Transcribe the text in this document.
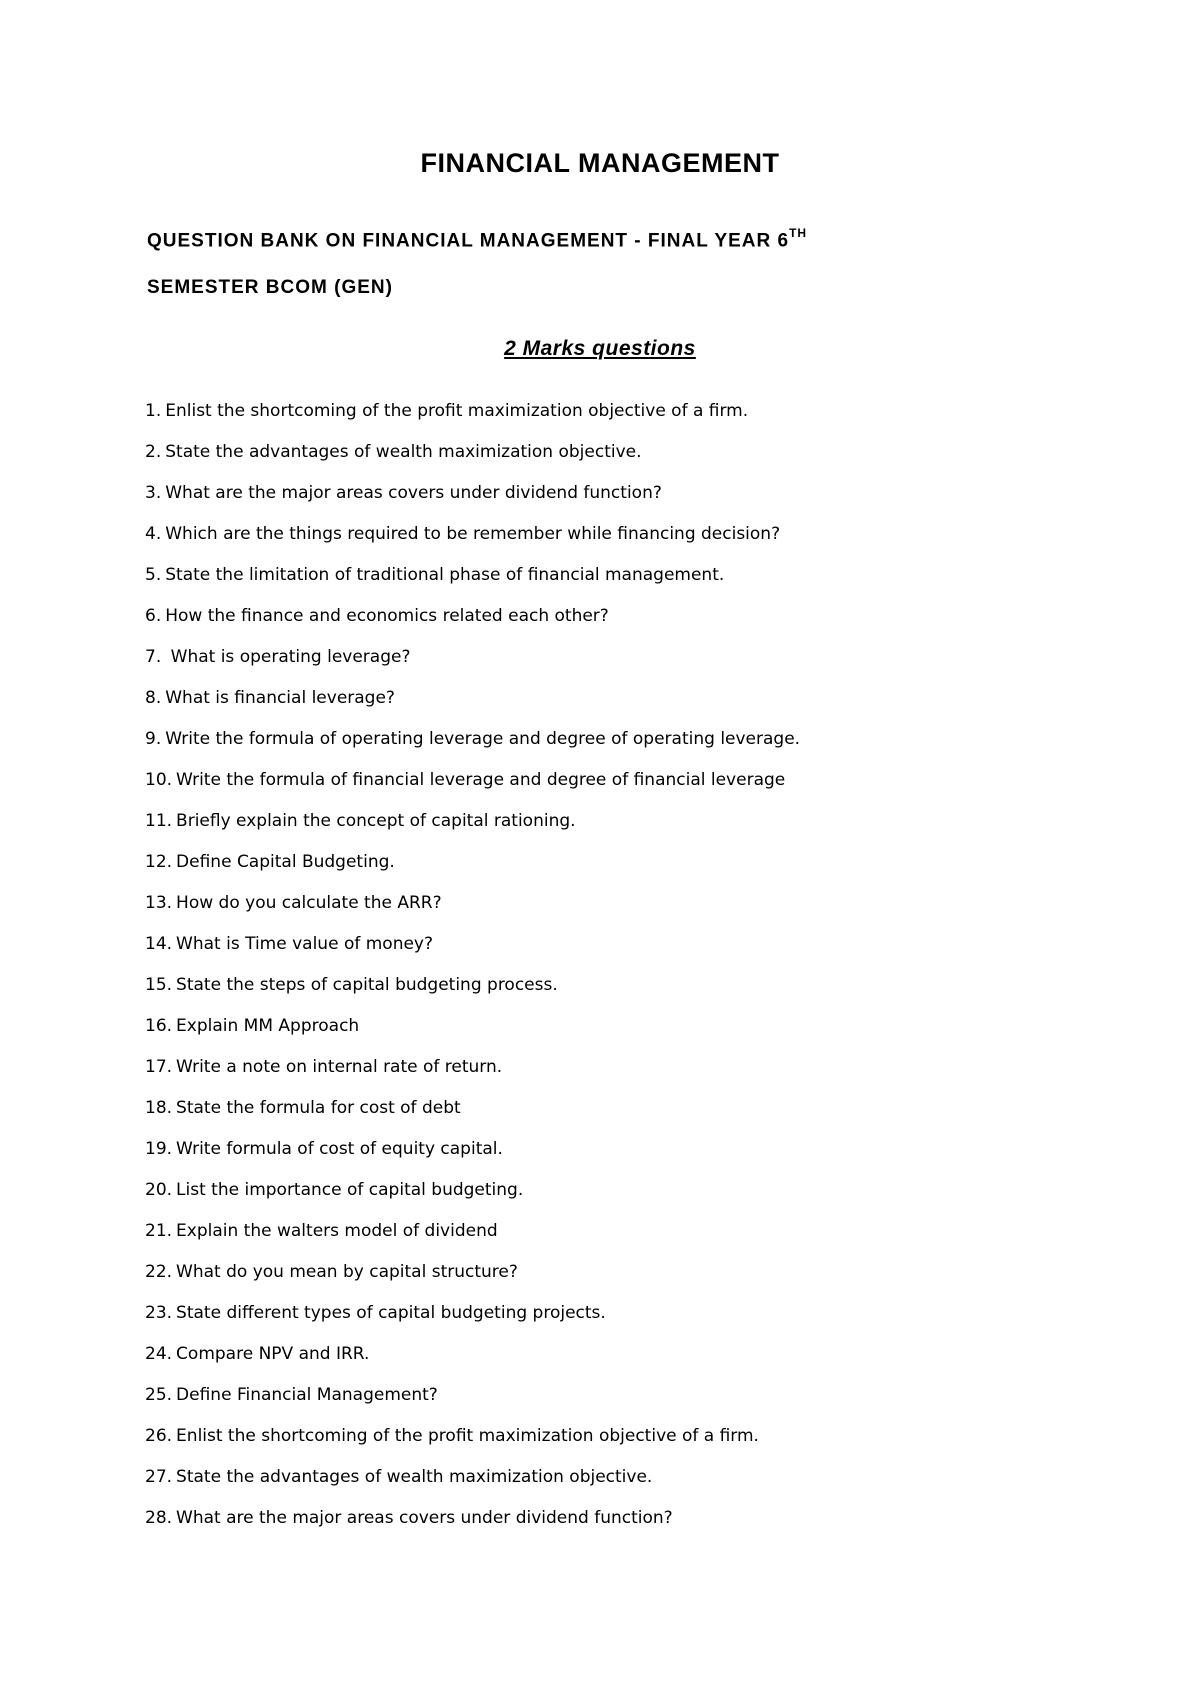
FINANCIAL MANAGEMENT

QUESTION BANK ON FINANCIAL MANAGEMENT - FINAL YEAR 6TH

SEMESTER BCOM (GEN)

2 Marks questions
1. Enlist the shortcoming of the profit maximization objective of a firm.
2. State the advantages of wealth maximization objective.
3. What are the major areas covers under dividend function?
4. Which are the things required to be remember while financing decision?
5. State the limitation of traditional phase of financial management.
6. How the finance and economics related each other?
7. What is operating leverage?
8. What is financial leverage?
9. Write the formula of operating leverage and degree of operating leverage.
10. Write the formula of financial leverage and degree of financial leverage
11. Briefly explain the concept of capital rationing.
12. Define Capital Budgeting.
13. How do you calculate the ARR?
14. What is Time value of money?
15. State the steps of capital budgeting process.
16. Explain MM Approach
17. Write a note on internal rate of return.
18. State the formula for cost of debt
19. Write formula of cost of equity capital.
20. List the importance of capital budgeting.
21. Explain the walters model of dividend
22. What do you mean by capital structure?
23. State different types of capital budgeting projects.
24. Compare NPV and IRR.
25. Define Financial Management?
26. Enlist the shortcoming of the profit maximization objective of a firm.
27. State the advantages of wealth maximization objective.
28. What are the major areas covers under dividend function?
